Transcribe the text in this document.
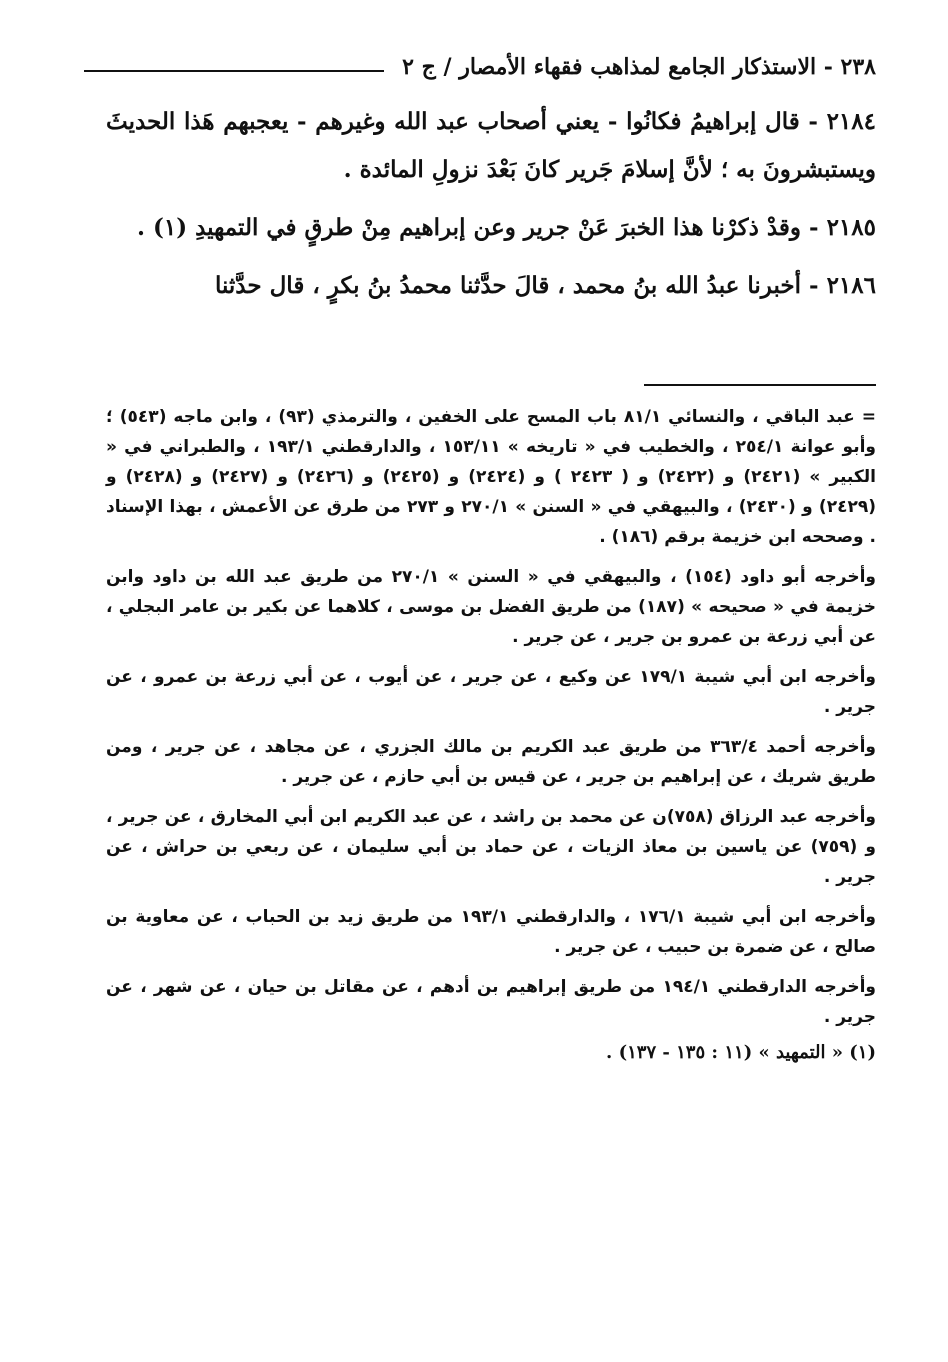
٢٣٨ - الاستذكار الجامع لمذاهب فقهاء الأمصار / ج ٢

٢١٨٤ - قال إبراهيمُ فكانُوا - يعني أصحاب عبد الله وغيرهم - يعجبهم هَذا الحديثَ ويستبشرونَ به ؛ لأنَّ إسلامَ جَرير كانَ بَعْدَ نزولِ المائدة .

٢١٨٥ - وقدْ ذكرْنا هذا الخبرَ عَنْ جرير وعن إبراهيم مِنْ طرقٍ في التمهيدِ (١) .

٢١٨٦ - أخبرنا عبدُ الله بنُ محمد ، قالَ حدَّثنا محمدُ بنُ بكرٍ ، قال حدَّثنا

= عبد الباقي ، والنسائي ٨١/١ باب المسح على الخفين ، والترمذي (٩٣) ، وابن ماجه (٥٤٣) ؛ وأبو عوانة ٢٥٤/١ ، والخطيب في « تاريخه » ١٥٣/١١ ، والدارقطني ١٩٣/١ ، والطبراني في « الكبير » (٢٤٢١) و (٢٤٢٢) و ( ٢٤٢٣ ) و (٢٤٢٤) و (٢٤٢٥) و (٢٤٢٦) و (٢٤٢٧) و (٢٤٢٨) و (٢٤٢٩) و (٢٤٣٠) ، والبيهقي في « السنن » ٢٧٠/١ و ٢٧٣ من طرق عن الأعمش ، بهذا الإسناد . وصححه ابن خزيمة برقم (١٨٦) .

وأخرجه أبو داود (١٥٤) ، والبيهقي في « السنن » ٢٧٠/١ من طريق عبد الله بن داود وابن خزيمة في « صحيحه » (١٨٧) من طريق الفضل بن موسى ، كلاهما عن بكير بن عامر البجلي ، عن أبي زرعة بن عمرو بن جرير ، عن جرير .

وأخرجه ابن أبي شيبة ١٧٩/١ عن وكيع ، عن جرير ، عن أيوب ، عن أبي زرعة بن عمرو ، عن جرير .

وأخرجه أحمد ٣٦٣/٤ من طريق عبد الكريم بن مالك الجزري ، عن مجاهد ، عن جرير ، ومن طريق شريك ، عن إبراهيم بن جرير ، عن قيس بن أبي حازم ، عن جرير .

وأخرجه عبد الرزاق (٧٥٨)ن عن محمد بن راشد ، عن عبد الكريم ابن أبي المخارق ، عن جرير ، و (٧٥٩) عن ياسين بن معاذ الزيات ، عن حماد بن أبي سليمان ، عن ربعي بن حراش ، عن جرير .

وأخرجه ابن أبي شيبة ١٧٦/١ ، والدارقطني ١٩٣/١ من طريق زيد بن الحباب ، عن معاوية بن صالح ، عن ضمرة بن حبيب ، عن جرير .

وأخرجه الدارقطني ١٩٤/١ من طريق إبراهيم بن أدهم ، عن مقاتل بن حيان ، عن شهر ، عن جرير .

(١) « التمهيد » (١١ : ١٣٥ - ١٣٧) .
